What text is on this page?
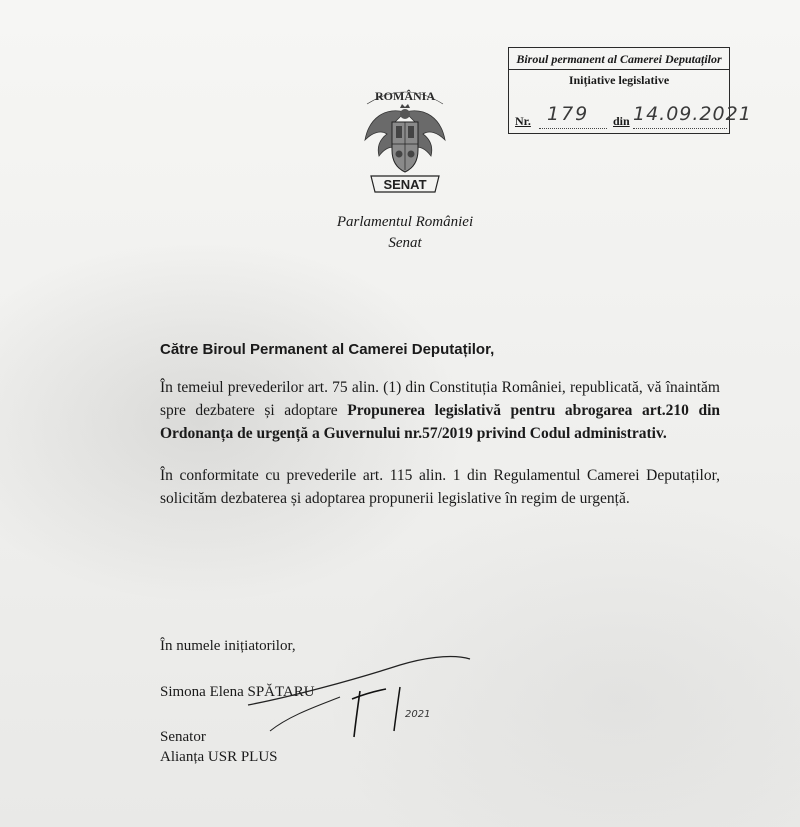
Biroul permanent al Camerei Deputaților
Inițiative legislative
Nr. 179 din 14.09.2021
ROMÂNIA
SENAT
Parlamentul României
Senat
Către Biroul Permanent al Camerei Deputaților,
În temeiul prevederilor art. 75 alin. (1) din Constituția României, republicată, vă înaintăm spre dezbatere și adoptare Propunerea legislativă pentru abrogarea art.210 din Ordonanța de urgență a Guvernului nr.57/2019 privind Codul administrativ.
În conformitate cu prevederile art. 115 alin. 1 din Regulamentul Camerei Deputaților, solicităm dezbaterea și adoptarea propunerii legislative în regim de urgență.
În numele inițiatorilor,
Simona Elena SPĂTARU
Senator
Alianța USR PLUS
2021
